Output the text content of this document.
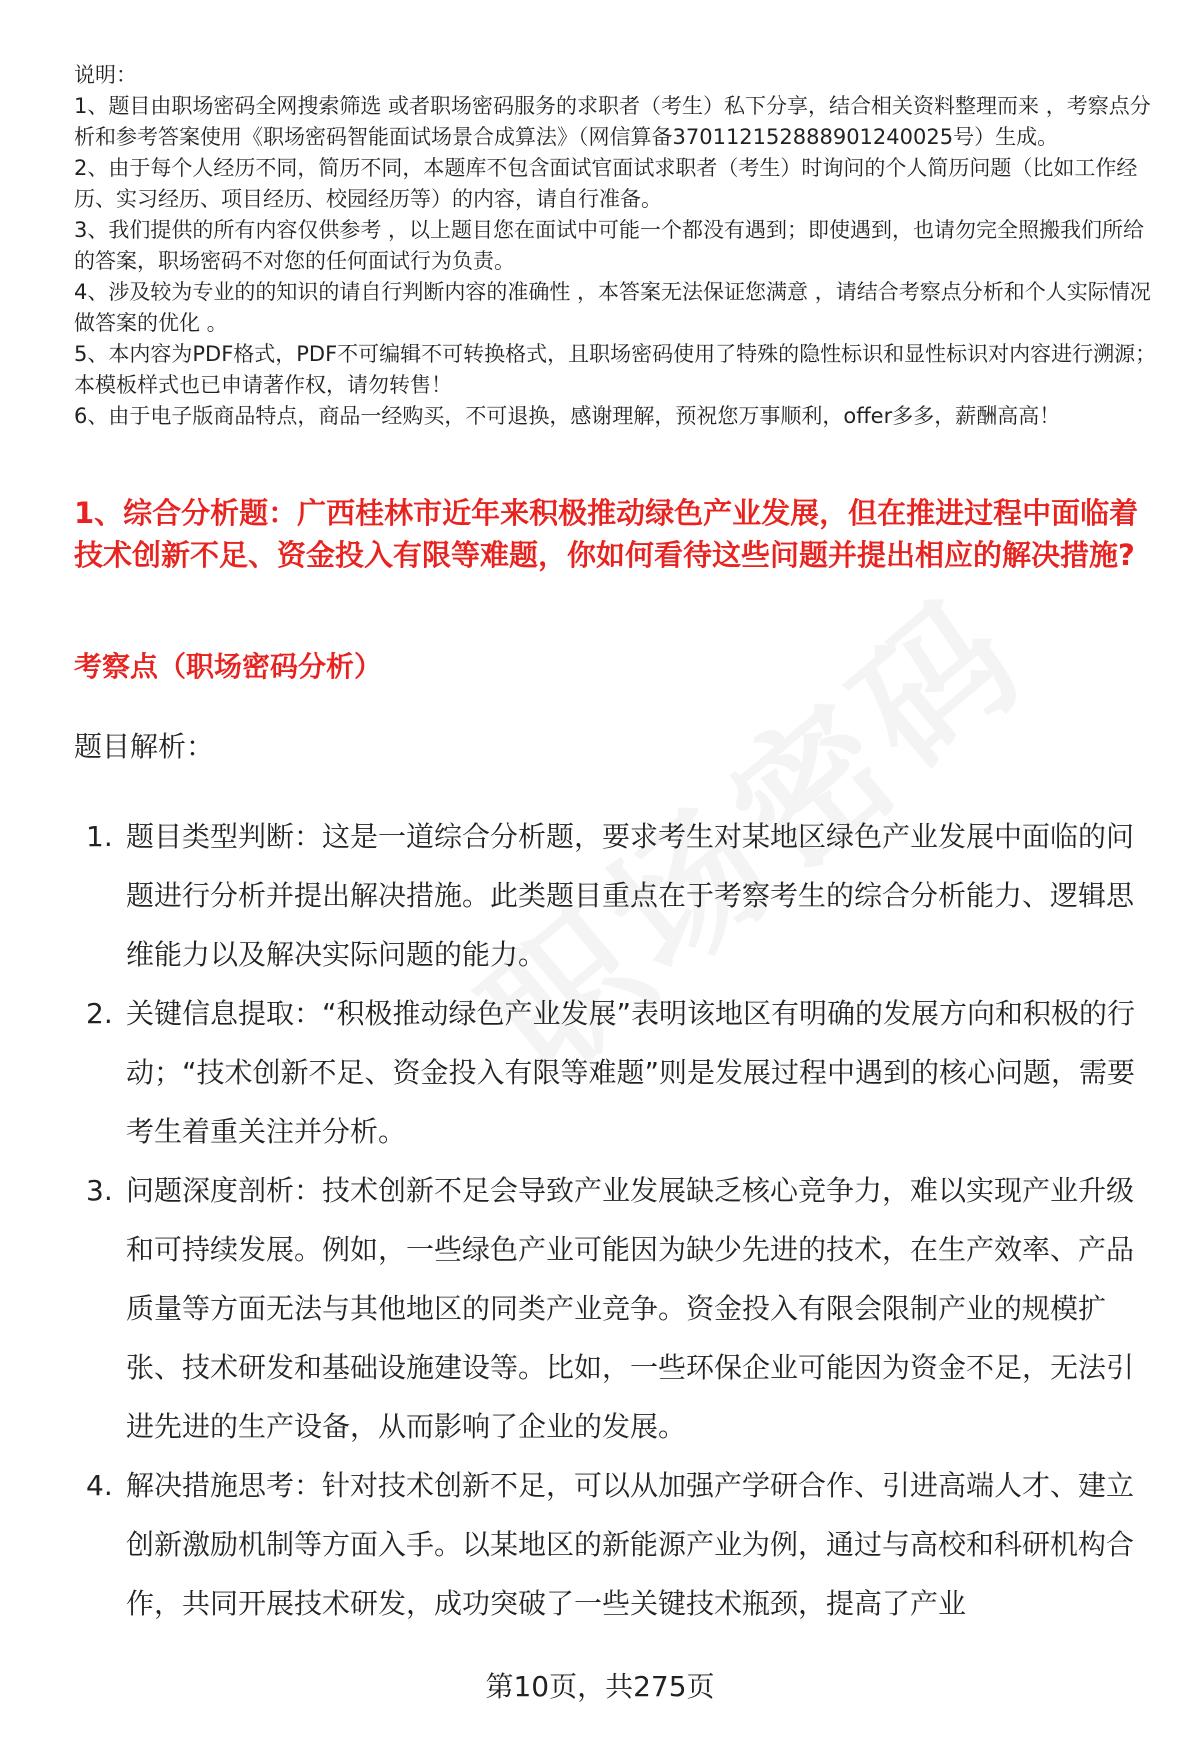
说明：

1、题目由职场密码全网搜索筛选 或者职场密码服务的求职者（考生）私下分享，结合相关资料整理而来 ，考察点分析和参考答案使用《职场密码智能面试场景合成算法》（网信算备370112152888901240025号）生成。

2、由于每个人经历不同，简历不同，本题库不包含面试官面试求职者（考生）时询问的个人简历问题（比如工作经历、实习经历、项目经历、校园经历等）的内容，请自行准备。

3、我们提供的所有内容仅供参考 ，以上题目您在面试中可能一个都没有遇到；即使遇到，也请勿完全照搬我们所给的答案，职场密码不对您的任何面试行为负责。

4、涉及较为专业的的知识的请自行判断内容的准确性 ，本答案无法保证您满意 ，请结合考察点分析和个人实际情况做答案的优化 。

5、本内容为PDF格式，PDF不可编辑不可转换格式，且职场密码使用了特殊的隐性标识和显性标识对内容进行溯源；本模板样式也已申请著作权，请勿转售！

6、由于电子版商品特点，商品一经购买，不可退换，感谢理解，预祝您万事顺利，offer多多，薪酬高高！

1、综合分析题：广西桂林市近年来积极推动绿色产业发展，但在推进过程中面临着技术创新不足、资金投入有限等难题，你如何看待这些问题并提出相应的解决措施?
考察点（职场密码分析）

题目解析：

1. 题目类型判断：这是一道综合分析题，要求考生对某地区绿色产业发展中面临的问题进行分析并提出解决措施。此类题目重点在于考察考生的综合分析能力、逻辑思维能力以及解决实际问题的能力。
2. 关键信息提取：“积极推动绿色产业发展”表明该地区有明确的发展方向和积极的行动；“技术创新不足、资金投入有限等难题”则是发展过程中遇到的核心问题，需要考生着重关注并分析。
3. 问题深度剖析：技术创新不足会导致产业发展缺乏核心竞争力，难以实现产业升级和可持续发展。例如，一些绿色产业可能因为缺少先进的技术，在生产效率、产品质量等方面无法与其他地区的同类产业竞争。资金投入有限会限制产业的规模扩张、技术研发和基础设施建设等。比如，一些环保企业可能因为资金不足，无法引进先进的生产设备，从而影响了企业的发展。
4. 解决措施思考：针对技术创新不足，可以从加强产学研合作、引进高端人才、建立创新激励机制等方面入手。以某地区的新能源产业为例，通过与高校和科研机构合作，共同开展技术研发，成功突破了一些关键技术瓶颈，提高了产业

第10页，共275页
